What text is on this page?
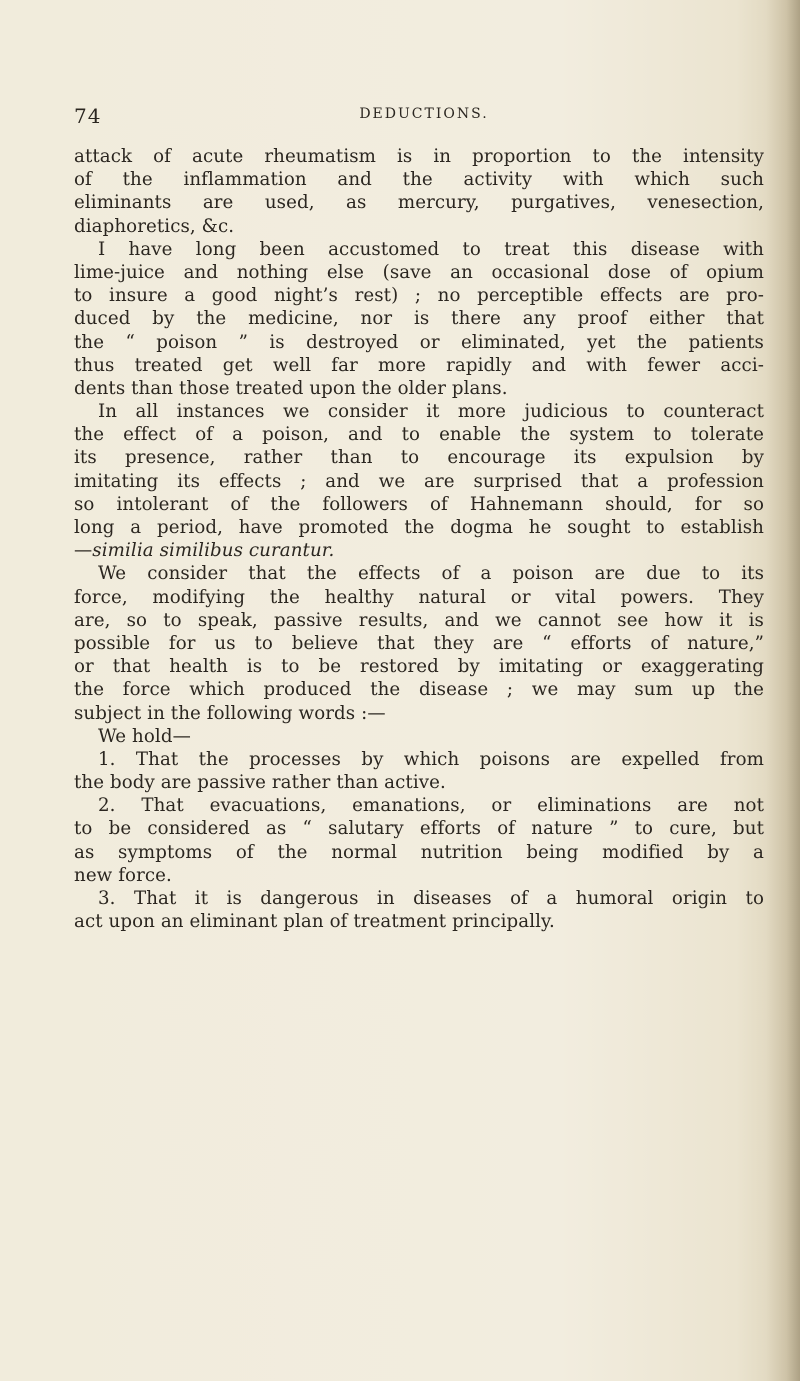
74	DEDUCTIONS.
attack of acute rheumatism is in proportion to the intensity
of the inflammation and the activity with which such
eliminants are used, as mercury, purgatives, venesection,
diaphoretics, &c.
I have long been accustomed to treat this disease with
lime-juice and nothing else (save an occasional dose of opium
to insure a good night’s rest) ; no perceptible effects are pro-
duced by the medicine, nor is there any proof either that
the “ poison ” is destroyed or eliminated, yet the patients
thus treated get well far more rapidly and with fewer acci-
dents than those treated upon the older plans.
In all instances we consider it more judicious to counteract
the effect of a poison, and to enable the system to tolerate
its presence, rather than to encourage its expulsion by
imitating its effects ; and we are surprised that a profession
so intolerant of the followers of Hahnemann should, for so
long a period, have promoted the dogma he sought to establish
—similia similibus curantur.
We consider that the effects of a poison are due to its
force, modifying the healthy natural or vital powers. They
are, so to speak, passive results, and we cannot see how it is
possible for us to believe that they are “ efforts of nature,”
or that health is to be restored by imitating or exaggerating
the force which produced the disease ; we may sum up the
subject in the following words :—
We hold—
1. That the processes by which poisons are expelled from
the body are passive rather than active.
2. That evacuations, emanations, or eliminations are not
to be considered as “ salutary efforts of nature ” to cure, but
as symptoms of the normal nutrition being modified by a
new force.
3. That it is dangerous in diseases of a humoral origin to
act upon an eliminant plan of treatment principally.
